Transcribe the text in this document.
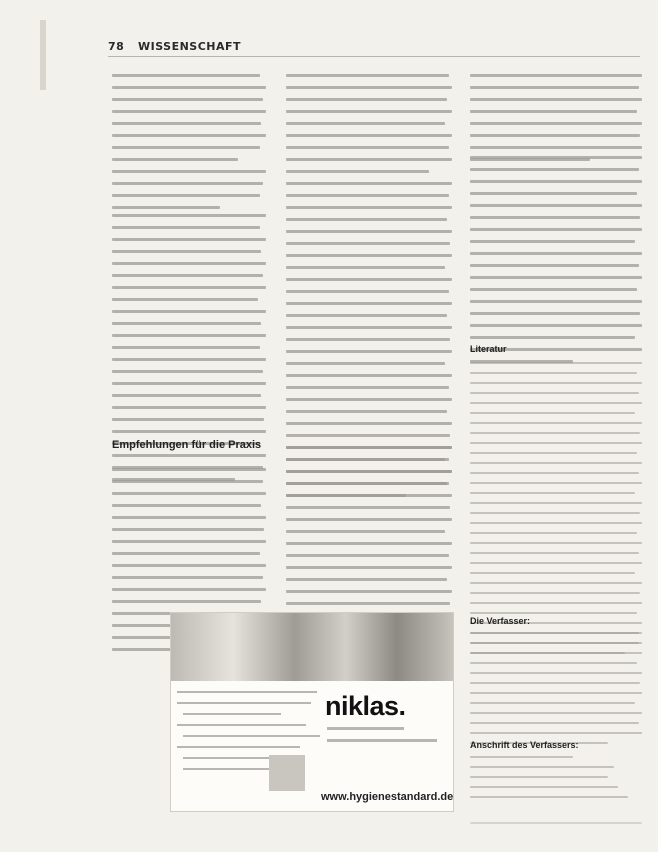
78 WISSENSCHAFT
Empfehlungen für die Praxis
Literatur
Die Verfasser:
Anschrift des Verfassers:
niklas.
www.hygienestandard.de
